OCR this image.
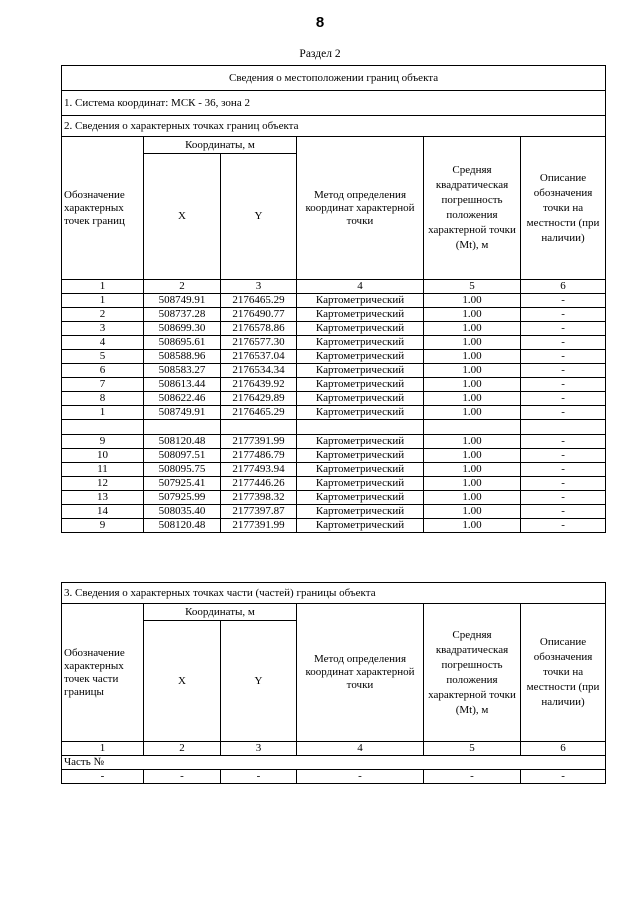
8
Раздел 2
Сведения о местоположении границ объекта					
1. Система координат: МСК - 36, зона 2					
2. Сведения о характерных точках границ объекта					
Обозначение характерных точек границ	Координаты, м		Метод определения координат характерной точки	Средняя квадратическая погрешность положения характерной точки (Mt), м	Описание обозначения точки на местности (при наличии)
	X	Y			
1	2	3	4	5	6
1	508749.91	2176465.29	Картометрический	1.00	-
2	508737.28	2176490.77	Картометрический	1.00	-
3	508699.30	2176578.86	Картометрический	1.00	-
4	508695.61	2176577.30	Картометрический	1.00	-
5	508588.96	2176537.04	Картометрический	1.00	-
6	508583.27	2176534.34	Картометрический	1.00	-
7	508613.44	2176439.92	Картометрический	1.00	-
8	508622.46	2176429.89	Картометрический	1.00	-
1	508749.91	2176465.29	Картометрический	1.00	-

9	508120.48	2177391.99	Картометрический	1.00	-
10	508097.51	2177486.79	Картометрический	1.00	-
11	508095.75	2177493.94	Картометрический	1.00	-
12	507925.41	2177446.26	Картометрический	1.00	-
13	507925.99	2177398.32	Картометрический	1.00	-
14	508035.40	2177397.87	Картометрический	1.00	-
9	508120.48	2177391.99	Картометрический	1.00	-
3. Сведения о характерных точках части (частей) границы объекта					
Обозначение характерных точек части границы	Координаты, м		Метод определения координат характерной точки	Средняя квадратическая погрешность положения характерной точки (Mt), м	Описание обозначения точки на местности (при наличии)
	X	Y			
1	2	3	4	5	6
Часть №					
-	-	-	-	-	-
